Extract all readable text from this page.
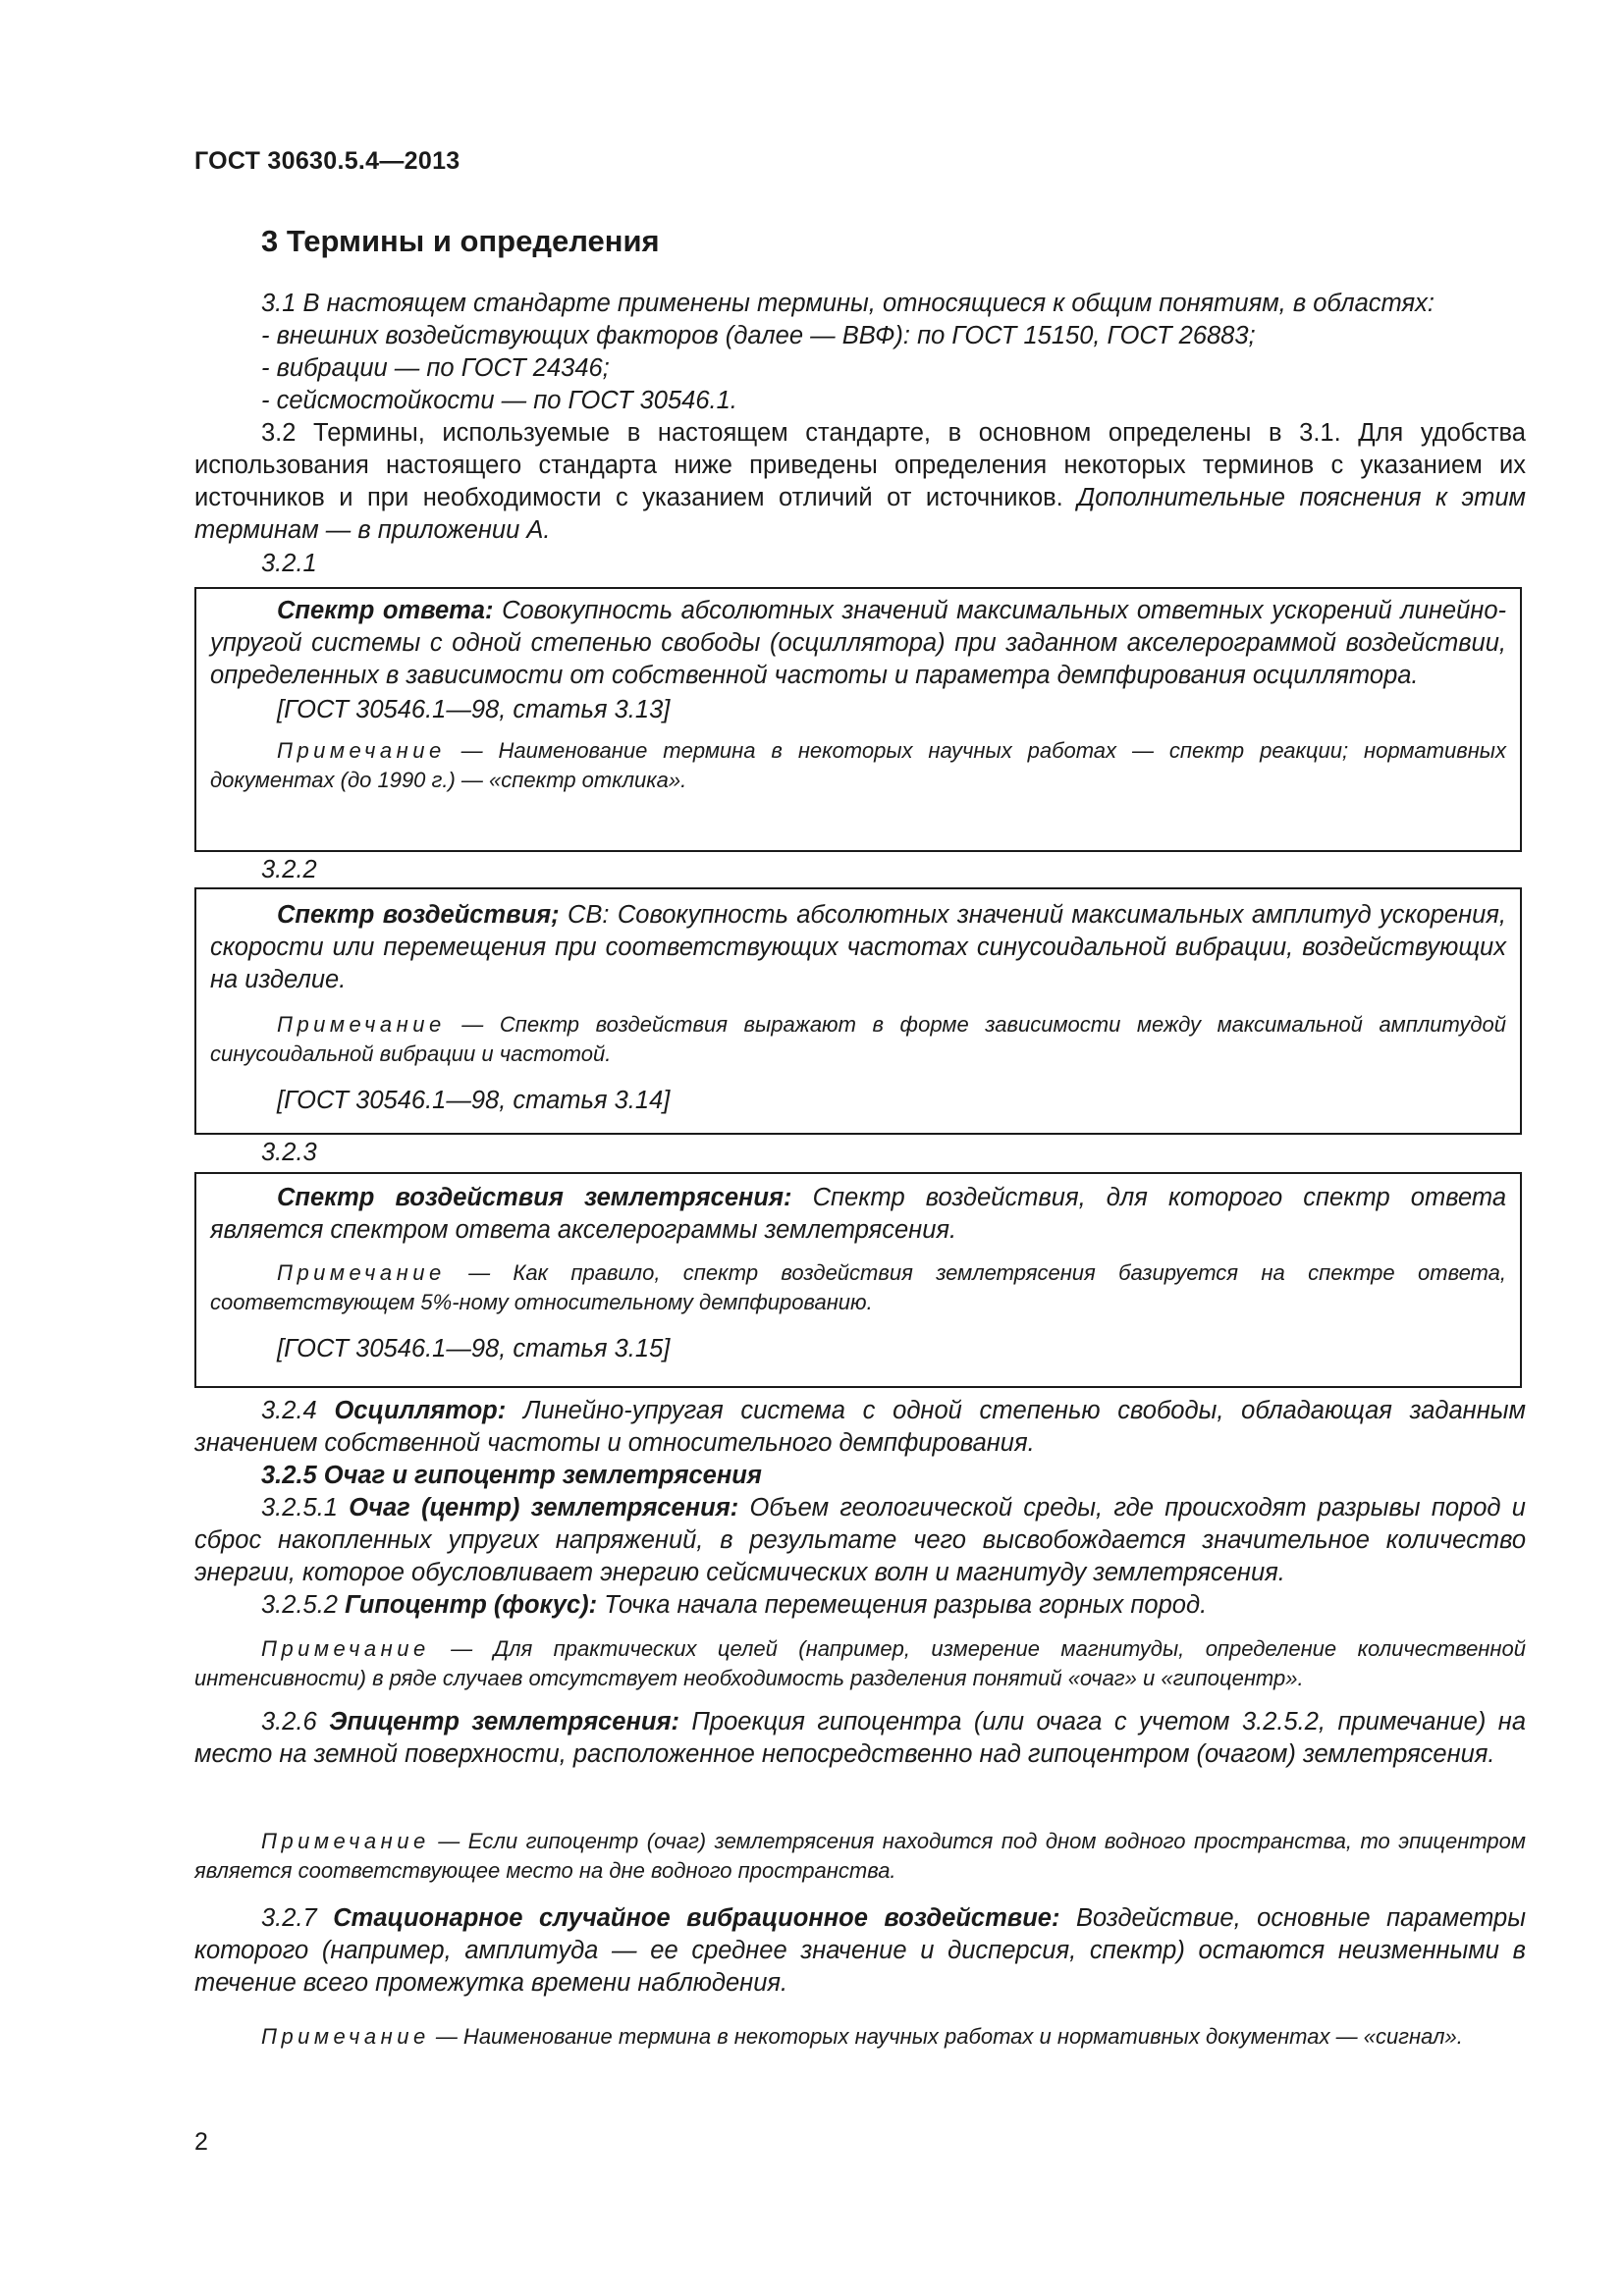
ГОСТ 30630.5.4—2013
3 Термины и определения

3.1 В настоящем стандарте применены термины, относящиеся к общим понятиям, в областях:

- внешних воздействующих факторов (далее — ВВФ): по ГОСТ 15150, ГОСТ 26883;

- вибрации — по ГОСТ 24346;

- сейсмостойкости — по ГОСТ 30546.1.

3.2 Термины, используемые в настоящем стандарте, в основном определены в 3.1. Для удобства использования настоящего стандарта ниже приведены определения некоторых терминов с указанием их источников и при необходимости с указанием отличий от источников. Дополнительные пояснения к этим терминам — в приложении А.
3.2.1

Спектр ответа: Совокупность абсолютных значений максимальных ответных ускорений линейно-упругой системы с одной степенью свободы (осциллятора) при заданном акселерограммой воздействии, определенных в зависимости от собственной частоты и параметра демпфирования осциллятора.

[ГОСТ 30546.1—98, статья 3.13]

Примечание — Наименование термина в некоторых научных работах — спектр реакции; нормативных документах (до 1990 г.) — «спектр отклика».

3.2.2

Спектр воздействия; СВ: Совокупность абсолютных значений максимальных амплитуд ускорения, скорости или перемещения при соответствующих частотах синусоидальной вибрации, воздействующих на изделие.

Примечание — Спектр воздействия выражают в форме зависимости между максимальной амплитудой синусоидальной вибрации и частотой.

[ГОСТ 30546.1—98, статья 3.14]

3.2.3

Спектр воздействия землетрясения: Спектр воздействия, для которого спектр ответа является спектром ответа акселерограммы землетрясения.

Примечание — Как правило, спектр воздействия землетрясения базируется на спектре ответа, соответствующем 5%-ному относительному демпфированию.

[ГОСТ 30546.1—98, статья 3.15]

3.2.4 Осциллятор: Линейно-упругая система с одной степенью свободы, обладающая заданным значением собственной частоты и относительного демпфирования.
3.2.5 Очаг и гипоцентр землетрясения
3.2.5.1 Очаг (центр) землетрясения: Объем геологической среды, где происходят разрывы пород и сброс накопленных упругих напряжений, в результате чего высвобождается значительное количество энергии, которое обусловливает энергию сейсмических волн и магнитуду землетрясения.
3.2.5.2 Гипоцентр (фокус): Точка начала перемещения разрыва горных пород.
Примечание — Для практических целей (например, измерение магнитуды, определение количественной интенсивности) в ряде случаев отсутствует необходимость разделения понятий «очаг» и «гипоцентр».
3.2.6 Эпицентр землетрясения: Проекция гипоцентра (или очага с учетом 3.2.5.2, примечание) на место на земной поверхности, расположенное непосредственно над гипоцентром (очагом) землетрясения.
Примечание — Если гипоцентр (очаг) землетрясения находится под дном водного пространства, то эпицентром является соответствующее место на дне водного пространства.
3.2.7 Стационарное случайное вибрационное воздействие: Воздействие, основные параметры которого (например, амплитуда — ее среднее значение и дисперсия, спектр) остаются неизменными в течение всего промежутка времени наблюдения.
Примечание — Наименование термина в некоторых научных работах и нормативных документах — «сигнал».
2
